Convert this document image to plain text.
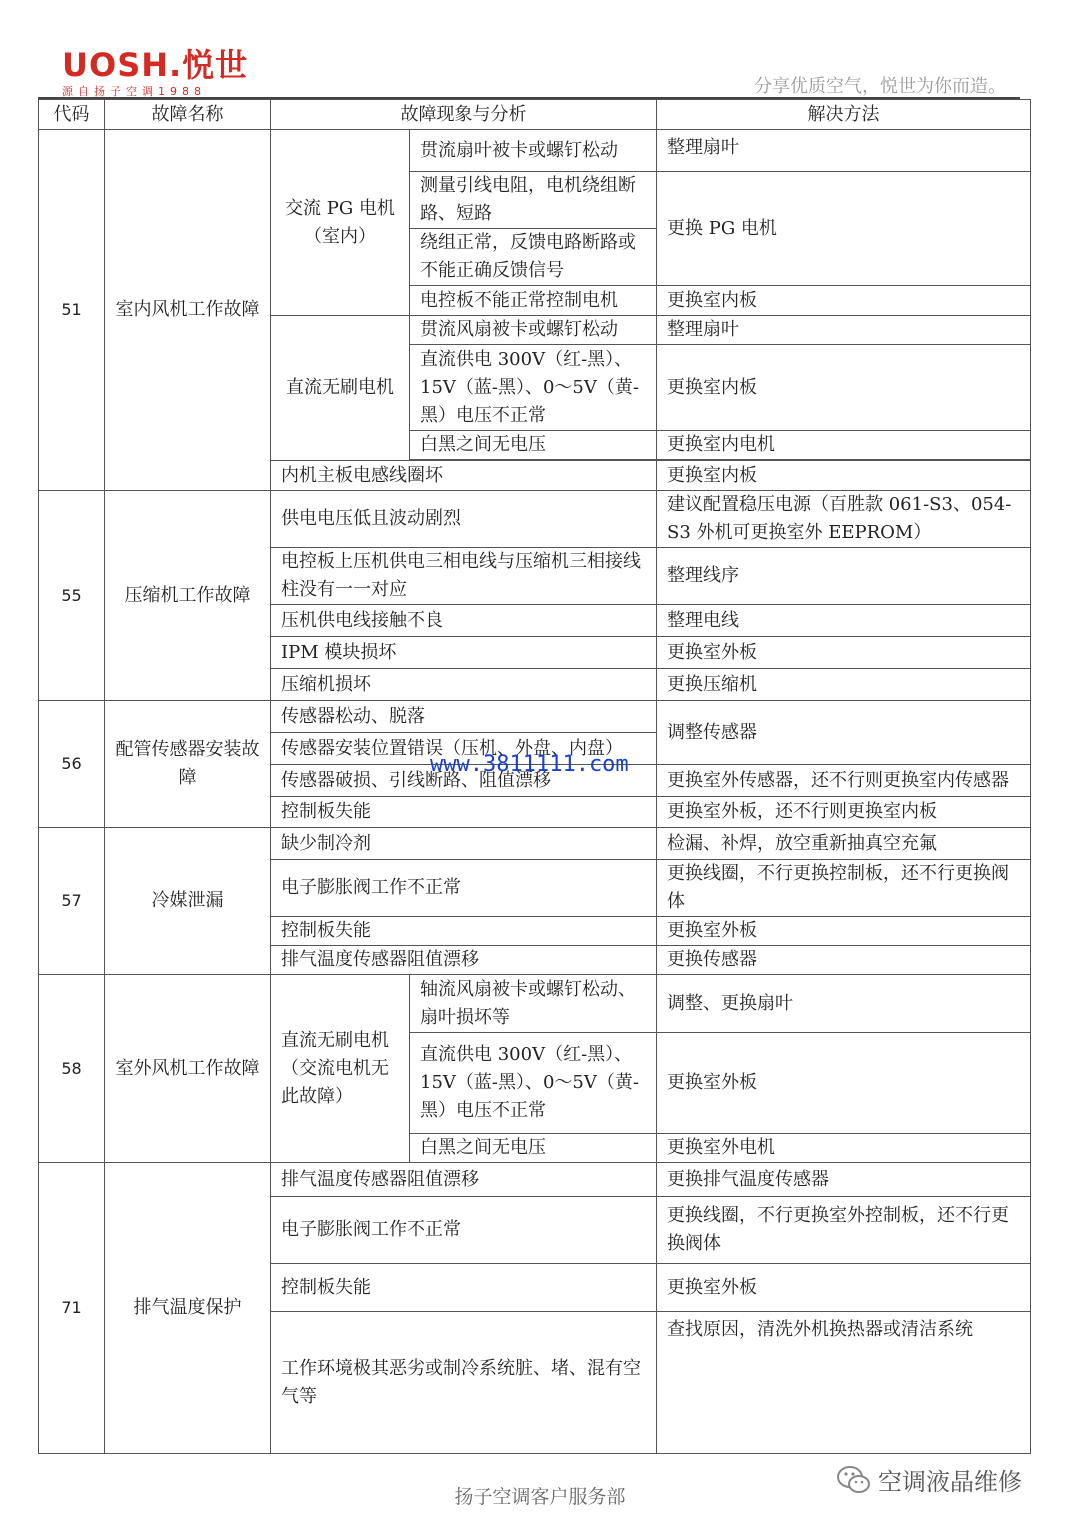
UOSH.悦世
源自扬子空调1988	分享优质空气，悦世为你而造。
代码	故障名称	故障现象与分析		解决方法
51	室内风机工作故障	交流 PG 电机（室内）	贯流扇叶被卡或螺钉松动	整理扇叶
			测量引线电阻，电机绕组断路、短路	更换 PG 电机
			绕组正常，反馈电路断路或不能正确反馈信号	
			电控板不能正常控制电机	更换室内板
		直流无刷电机	贯流风扇被卡或螺钉松动	整理扇叶
			直流供电 300V（红-黑）、15V（蓝-黑）、0～5V（黄-黑）电压不正常	更换室内板
			白黑之间无电压	更换室内电机

		内机主板电感线圈坏		更换室内板
55	压缩机工作故障	供电电压低且波动剧烈		建议配置稳压电源（百胜款 061-S3、054-S3 外机可更换室外 EEPROM）
		电控板上压机供电三相电线与压缩机三相接线柱没有一一对应		整理线序
		压机供电线接触不良		整理电线
		IPM 模块损坏		更换室外板
		压缩机损坏		更换压缩机
56	配管传感器安装故障	传感器松动、脱落		调整传感器
		传感器安装位置错误（压机、外盘、内盘）		
		传感器破损、引线断路、阻值漂移		更换室外传感器，还不行则更换室内传感器
		控制板失能		更换室外板，还不行则更换室内板
57	冷媒泄漏	缺少制冷剂		检漏、补焊，放空重新抽真空充氟
		电子膨胀阀工作不正常		更换线圈，不行更换控制板，还不行更换阀体
		控制板失能		更换室外板
		排气温度传感器阻值漂移		更换传感器
58	室外风机工作故障	直流无刷电机（交流电机无此故障）	轴流风扇被卡或螺钉松动、扇叶损坏等	调整、更换扇叶
			直流供电 300V（红-黑）、15V（蓝-黑）、0～5V（黄-黑）电压不正常	更换室外板
			白黑之间无电压	更换室外电机
71	排气温度保护	排气温度传感器阻值漂移		更换排气温度传感器
		电子膨胀阀工作不正常		更换线圈，不行更换室外控制板，还不行更换阀体
		控制板失能		更换室外板
		工作环境极其恶劣或制冷系统脏、堵、混有空气等		查找原因，清洗外机换热器或清洁系统
www.3811111.com
扬子空调客户服务部
空调液晶维修
